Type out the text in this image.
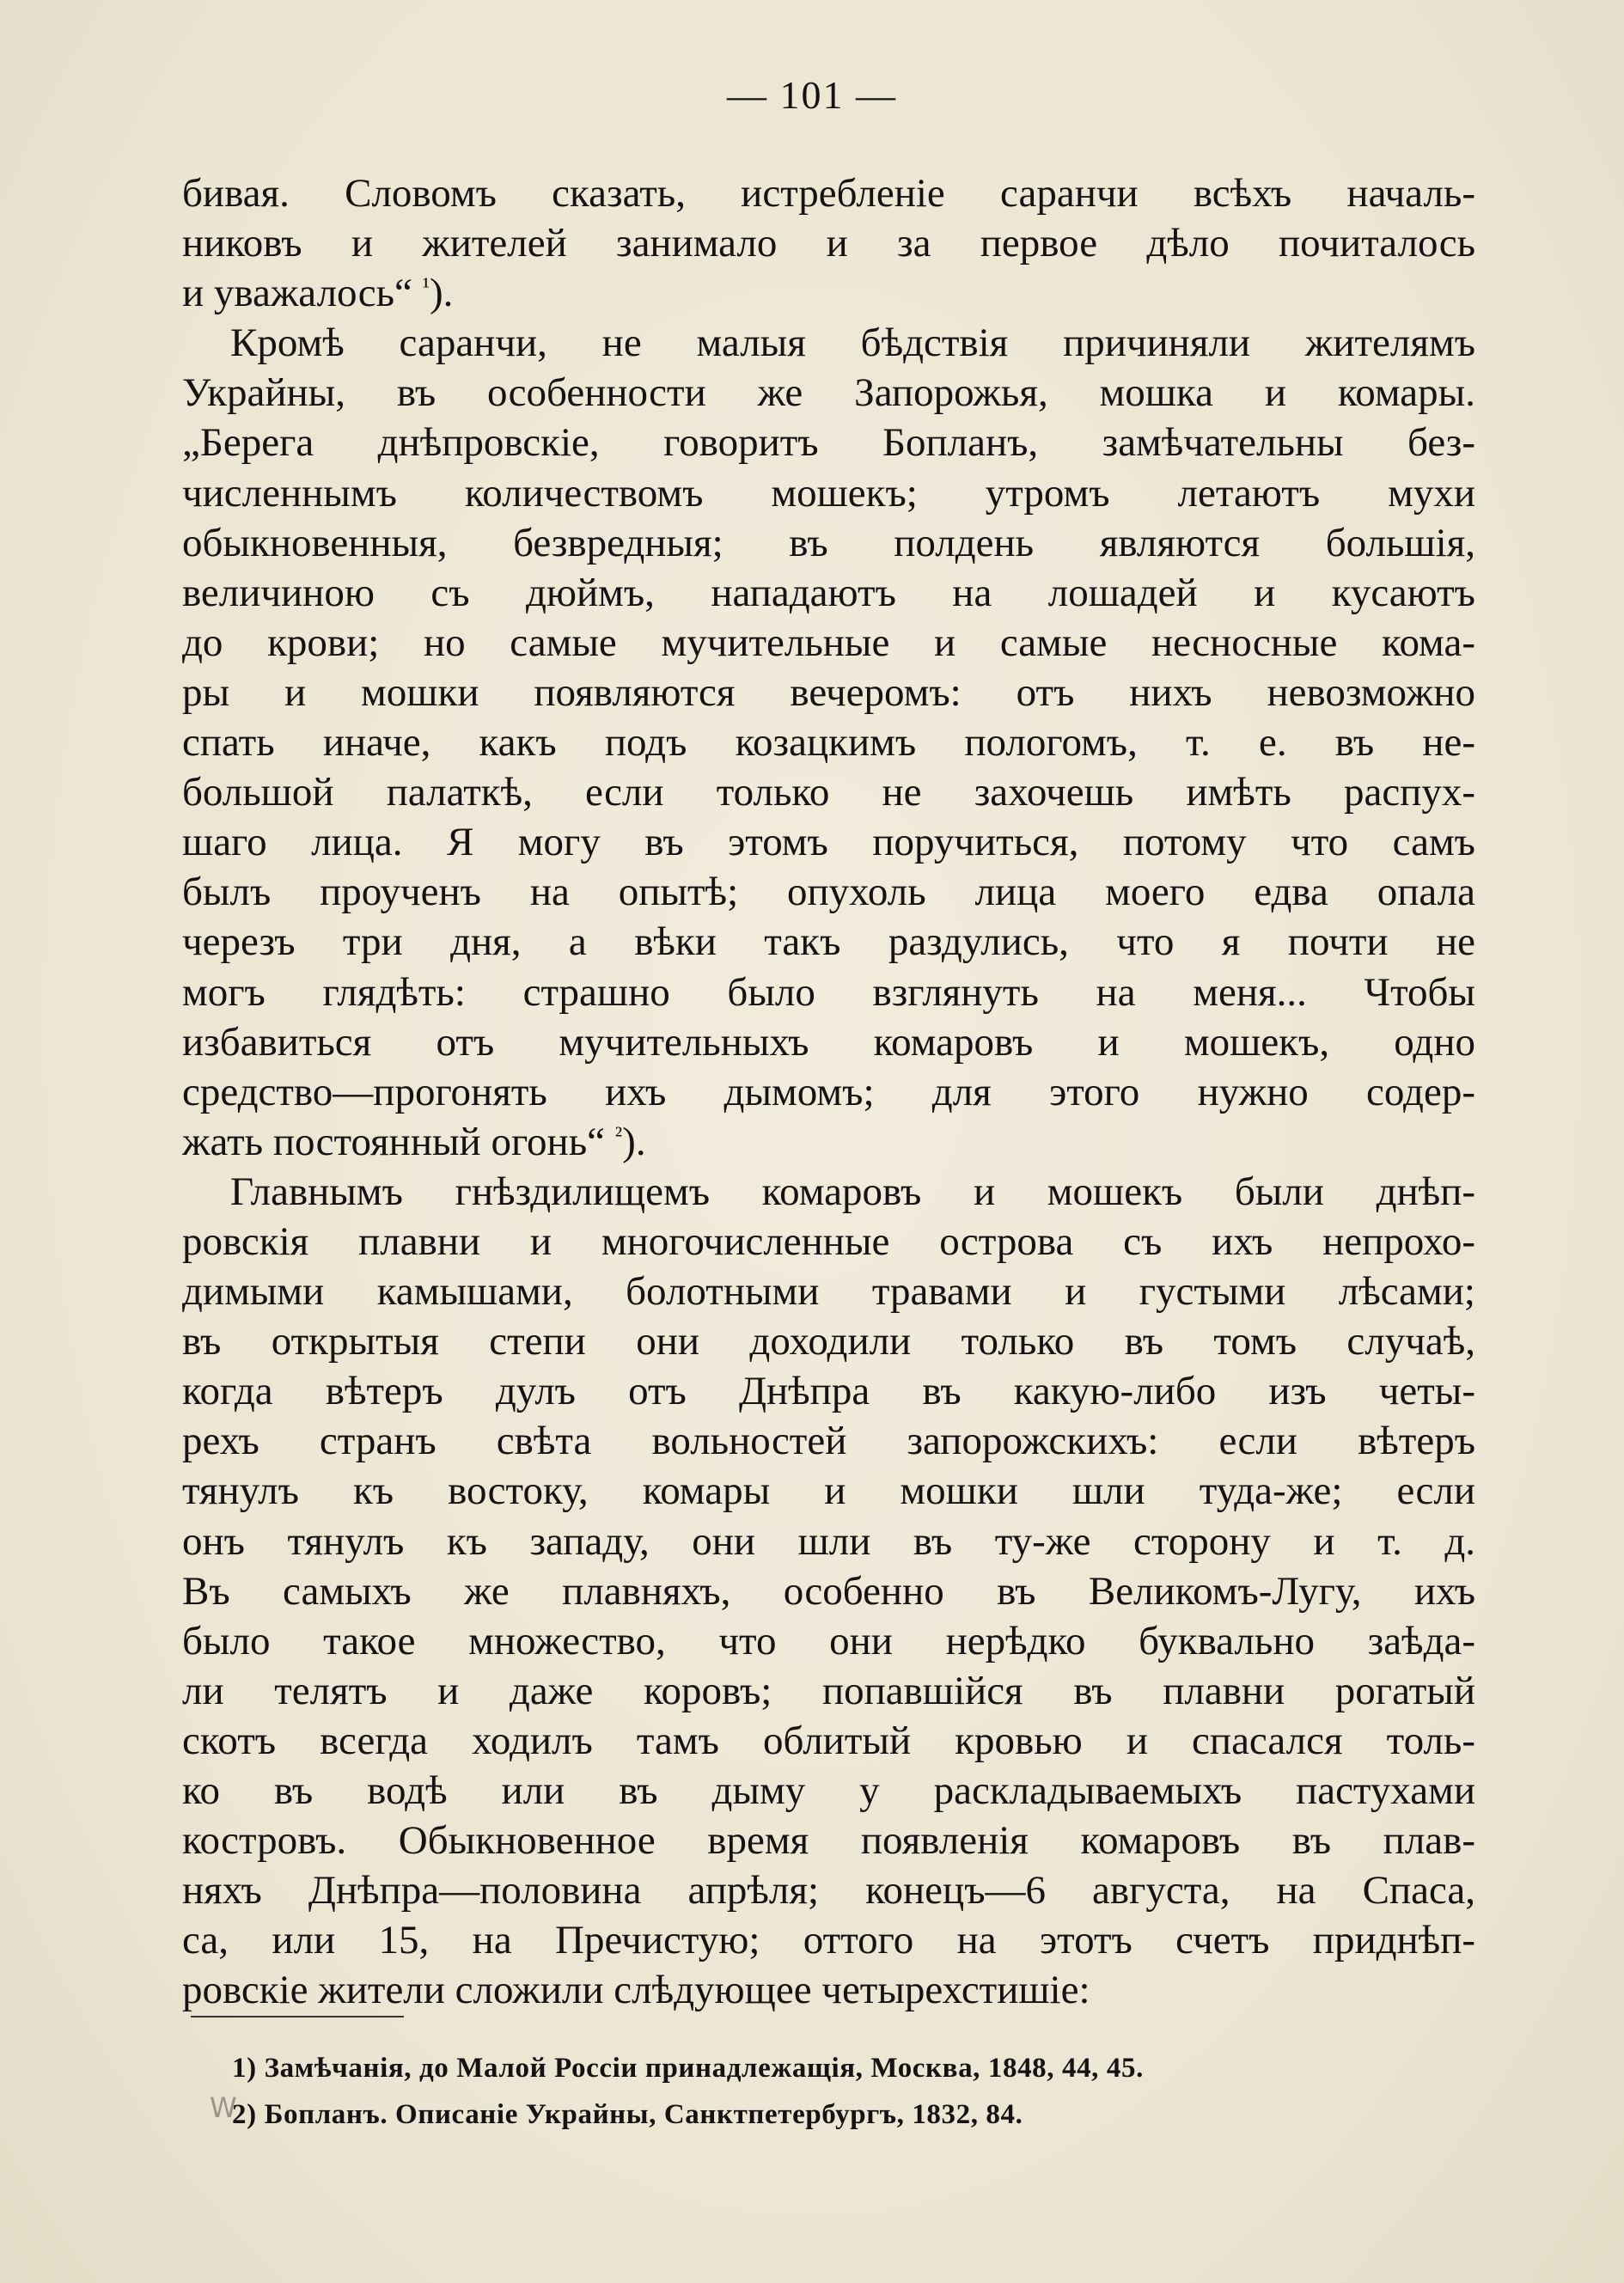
— 101 —
бивая. Словомъ сказать, истребленіе саранчи всѣхъ началь-
никовъ и жителей занимало и за первое дѣло почиталось
и уважалось“ $^{^1}$).
Кромѣ саранчи, не малыя бѣдствія причиняли жителямъ
Украйны, въ особенности же Запорожья, мошка и комары.
„Берега днѣпровскіе, говоритъ Бопланъ, замѣчательны без-
численнымъ количествомъ мошекъ; утромъ летаютъ мухи
обыкновенныя, безвредныя; въ полдень являются большія,
величиною съ дюймъ, нападаютъ на лошадей и кусаютъ
до крови; но самые мучительные и самые несносные кома-
ры и мошки появляются вечеромъ: отъ нихъ невозможно
спать иначе, какъ подъ козацкимъ пологомъ, т. е. въ не-
большой палаткѣ, если только не захочешь имѣть распух-
шаго лица. Я могу въ этомъ поручиться, потому что самъ
былъ проученъ на опытѣ; опухоль лица моего едва опала
черезъ три дня, а вѣки такъ раздулись, что я почти не
могъ глядѣть: страшно было взглянуть на меня... Чтобы
избавиться отъ мучительныхъ комаровъ и мошекъ, одно
средство—прогонять ихъ дымомъ; для этого нужно содер-
жать постоянный огонь“ $^{^2}$).
Главнымъ гнѣздилищемъ комаровъ и мошекъ были днѣп-
ровскія плавни и многочисленные острова съ ихъ непрохо-
димыми камышами, болотными травами и густыми лѣсами;
въ открытыя степи они доходили только въ томъ случаѣ,
когда вѣтеръ дулъ отъ Днѣпра въ какую-либо изъ четы-
рехъ странъ свѣта вольностей запорожскихъ: если вѣтеръ
тянулъ къ востоку, комары и мошки шли туда-же; если
онъ тянулъ къ западу, они шли въ ту-же сторону и т. д.
Въ самыхъ же плавняхъ, особенно въ Великомъ-Лугу, ихъ
было такое множество, что они нерѣдко буквально заѣда-
ли телятъ и даже коровъ; попавшійся въ плавни рогатый
скотъ всегда ходилъ тамъ облитый кровью и спасался толь-
ко въ водѣ или въ дыму у раскладываемыхъ пастухами
костровъ. Обыкновенное время появленія комаровъ въ плав-
няхъ Днѣпра—половина апрѣля; конецъ—6 августа, на Спаса,
са, или 15, на Пречистую; оттого на этотъ счетъ приднѣп-
ровскіе жители сложили слѣдующее четырехстишіе:
1) Замѣчанія, до Малой Россіи принадлежащія, Москва, 1848, 44, 45.
2) Бопланъ. Описаніе Украйны, Санктпетербургъ, 1832, 84.
W
